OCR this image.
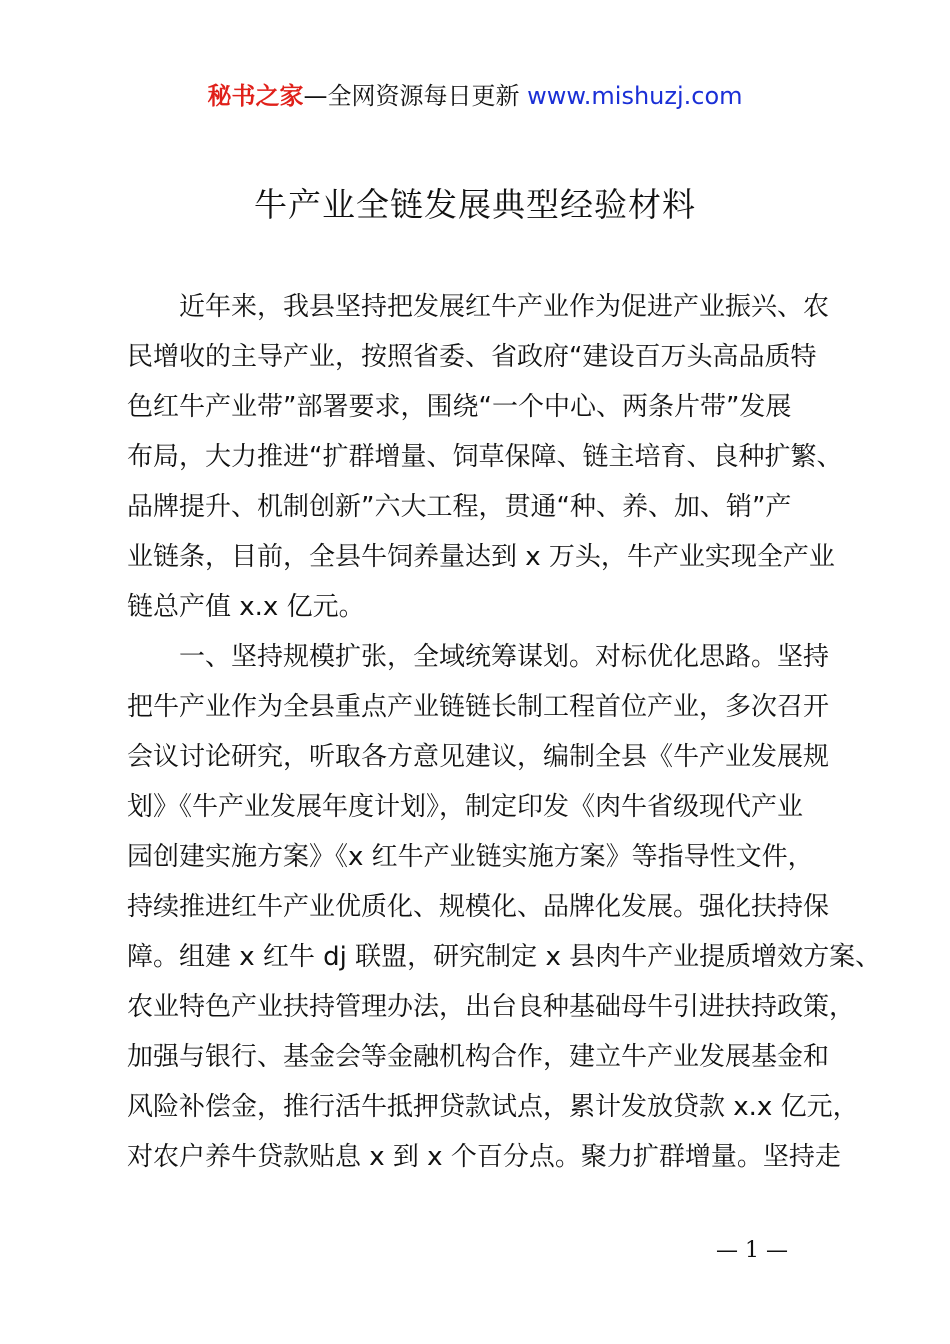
秘书之家—全网资源每日更新 www.mishuzj.com
牛产业全链发展典型经验材料
近年来，我县坚持把发展红牛产业作为促进产业振兴、农
民增收的主导产业，按照省委、省政府“建设百万头高品质特
色红牛产业带”部署要求，围绕“一个中心、两条片带”发展
布局，大力推进“扩群增量、饲草保障、链主培育、良种扩繁、
品牌提升、机制创新”六大工程，贯通“种、养、加、销”产
业链条，目前，全县牛饲养量达到 x 万头，牛产业实现全产业
链总产值 x.x 亿元。
一、坚持规模扩张，全域统筹谋划。对标优化思路。坚持
把牛产业作为全县重点产业链链长制工程首位产业，多次召开
会议讨论研究，听取各方意见建议，编制全县《牛产业发展规
划》《牛产业发展年度计划》，制定印发《肉牛省级现代产业
园创建实施方案》《x 红牛产业链实施方案》等指导性文件，
持续推进红牛产业优质化、规模化、品牌化发展。强化扶持保
障。组建 x 红牛 dj 联盟，研究制定 x 县肉牛产业提质增效方案、
农业特色产业扶持管理办法，出台良种基础母牛引进扶持政策，
加强与银行、基金会等金融机构合作，建立牛产业发展基金和
风险补偿金，推行活牛抵押贷款试点，累计发放贷款 x.x 亿元，
对农户养牛贷款贴息 x 到 x 个百分点。聚力扩群增量。坚持走
— 1 —
